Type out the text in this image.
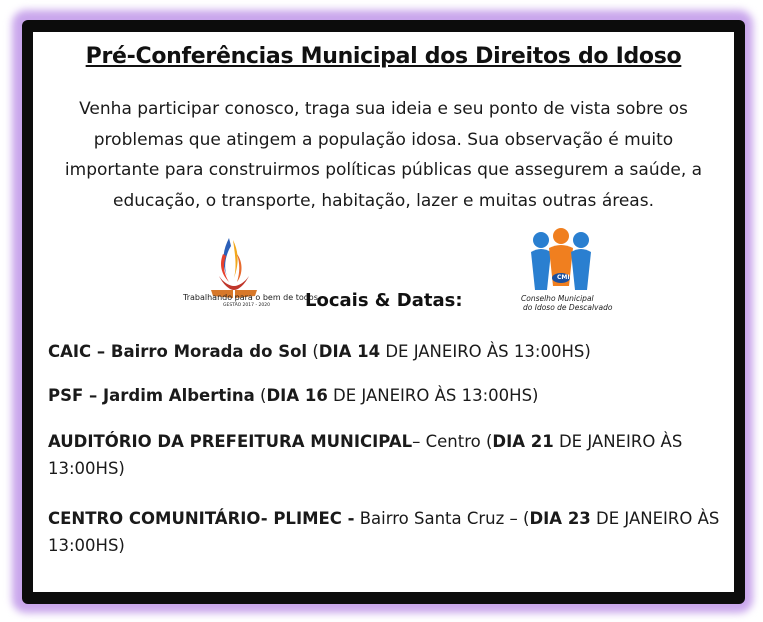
Pré-Conferências Municipal dos Direitos do Idoso
Venha participar conosco, traga sua ideia e seu ponto de vista sobre os problemas que atingem a população idosa. Sua observação é muito importante para construirmos políticas públicas que assegurem a saúde, a educação, o transporte, habitação, lazer e muitas outras áreas.
Trabalhando para o bem de todos
GESTÃO 2017 - 2020
CMI
Conselho Municipal
do Idoso de Descalvado
Locais & Datas:
CAIC – Bairro Morada do Sol (DIA 14 DE JANEIRO ÀS 13:00HS)
PSF – Jardim Albertina (DIA 16 DE JANEIRO ÀS 13:00HS)
AUDITÓRIO DA PREFEITURA MUNICIPAL– Centro (DIA 21 DE JANEIRO ÀS 13:00HS)
CENTRO COMUNITÁRIO- PLIMEC - Bairro Santa Cruz – (DIA 23 DE JANEIRO ÀS 13:00HS)
